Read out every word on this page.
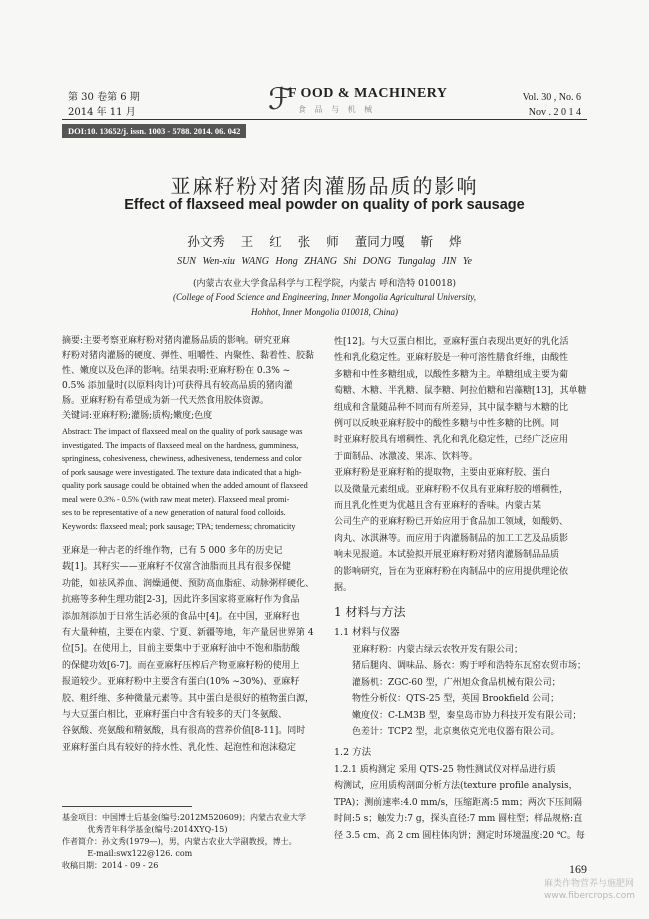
第 30 卷第 6 期
2014 年 11 月	ℱ
F OOD & MACHINERY
食 品 与 机 械
Vol. 30 , No. 6
Nov . 2 0 1 4
DOI:10. 13652/j. issn. 1003 - 5788. 2014. 06. 042
亚麻籽粉对猪肉灌肠品质的影响
Effect of flaxseed meal powder on quality of pork sausage
孙文秀 王 红 张 师 董同力嘎 靳 烨
SUN Wen-xiu WANG Hong ZHANG Shi DONG Tungalag JIN Ye
(内蒙古农业大学食品科学与工程学院，内蒙古 呼和浩特 010018)
(College of Food Science and Engineering, Inner Mongolia Agricultural University,
Hohhot, Inner Mongolia 010018, China)
摘要:主要考察亚麻籽粉对猪肉灌肠品质的影响。研究亚麻
籽粉对猪肉灌肠的硬度、弹性、咀嚼性、内聚性、黏着性、胶黏
性、嫩度以及色泽的影响。结果表明:亚麻籽粉在 0.3% ~
0.5% 添加量时(以原料肉计)可获得具有较高品质的猪肉灌
肠。亚麻籽粉有希望成为新一代天然食用胶体资源。
关键词:亚麻籽粉;灌肠;质构;嫩度;色度
Abstract: The impact of flaxseed meal on the quality of pork sausage was
investigated. The impacts of flaxseed meal on the hardness, gumminess,
springiness, cohesiveness, chewiness, adhesiveness, tenderness and color
of pork sausage were investigated. The texture data indicated that a high-
quality pork sausage could be obtained when the added amount of flaxseed
meal were 0.3% - 0.5% (with raw meat meter). Flaxseed meal promi-
ses to be representative of a new generation of natural food colloids.
Keywords: flaxseed meal; pork sausage; TPA; tenderness; chromaticity
亚麻是一种古老的纤维作物，已有 5 000 多年的历史记
载[1]。其籽实——亚麻籽不仅富含油脂而且具有很多保健
功能，如祛风养血、润燥通便、预防高血脂症、动脉粥样硬化、
抗癌等多种生理功能[2-3]，因此许多国家将亚麻籽作为食品
添加剂添加于日常生活必须的食品中[4]。在中国，亚麻籽也
有大量种植，主要在内蒙、宁夏、新疆等地，年产量居世界第 4
位[5]。在使用上，目前主要集中于亚麻籽油中不饱和脂肪酸
的保健功效[6-7]。而在亚麻籽压榨后产物亚麻籽粉的使用上
报道较少。亚麻籽粉中主要含有蛋白(10% ~30%)、亚麻籽
胶、粗纤维、多种微量元素等。其中蛋白是很好的植物蛋白源，
与大豆蛋白相比，亚麻籽蛋白中含有较多的天门冬氨酸、
谷氨酸、亮氨酸和精氨酸，具有很高的营养价值[8-11]。同时
亚麻籽蛋白具有较好的持水性、乳化性、起泡性和泡沫稳定
基金项目：中国博士后基金(编号:2012M520609)；内蒙古农业大学
优秀青年科学基金(编号:2014XYQ-15)
作者简介：孙文秀(1979—)，男，内蒙古农业大学副教授，博士。
E-mail:swx122@126. com
收稿日期：2014 - 09 - 26
性[12]。与大豆蛋白相比，亚麻籽蛋白表现出更好的乳化活
性和乳化稳定性。亚麻籽胶是一种可溶性膳食纤维，由酸性
多糖和中性多糖组成，以酸性多糖为主。单糖组成主要为葡
萄糖、木糖、半乳糖、鼠李糖、阿拉伯糖和岩藻糖[13]，其单糖
组成和含量随品种不同而有所差异，其中鼠李糖与木糖的比
例可以反映亚麻籽胶中的酸性多糖与中性多糖的比例。同
时亚麻籽胶具有增稠性、乳化和乳化稳定性，已经广泛应用
于面制品、冰激凌、果冻、饮料等。
亚麻籽粉是亚麻籽粕的提取物，主要由亚麻籽胶、蛋白
以及微量元素组成。亚麻籽粉不仅具有亚麻籽胶的增稠性，
而且乳化性更为优越且含有亚麻籽的香味。内蒙古某
公司生产的亚麻籽粉已开始应用于食品加工领域，如酸奶、
肉丸、冰淇淋等。而应用于肉灌肠制品的加工工艺及品质影
响未见报道。本试验拟开展亚麻籽粉对猪肉灌肠制品品质
的影响研究，旨在为亚麻籽粉在肉制品中的应用提供理论依
据。
1 材料与方法
1.1 材料与仪器
亚麻籽粉：内蒙古绿云农牧开发有限公司；
猪后腿肉、调味品、肠衣：购于呼和浩特东瓦窑农贸市场；
灌肠机：ZGC-60 型，广州旭众食品机械有限公司；
物性分析仪：QTS-25 型，英国 Brookfield 公司；
嫩度仪：C-LM3B 型，秦皇岛市协力科技开发有限公司；
色差计：TCP2 型，北京奥依克光电仪器有限公司。
1.2 方法
1.2.1 质构测定 采用 QTS-25 物性测试仪对样品进行质
构测试，应用质构剖面分析方法(texture profile analysis，
TPA)；测前速率:4.0 mm/s，压缩距离:5 mm；两次下压间隔
时间:5 s；触发力:7 g，探头直径:7 mm 圆柱型；样品规格:直
径 3.5 cm、高 2 cm 圆柱体肉饼；测定时环境温度:20 ℃。每
169
麻类作物营养与施肥网
www.fibercrops.com
